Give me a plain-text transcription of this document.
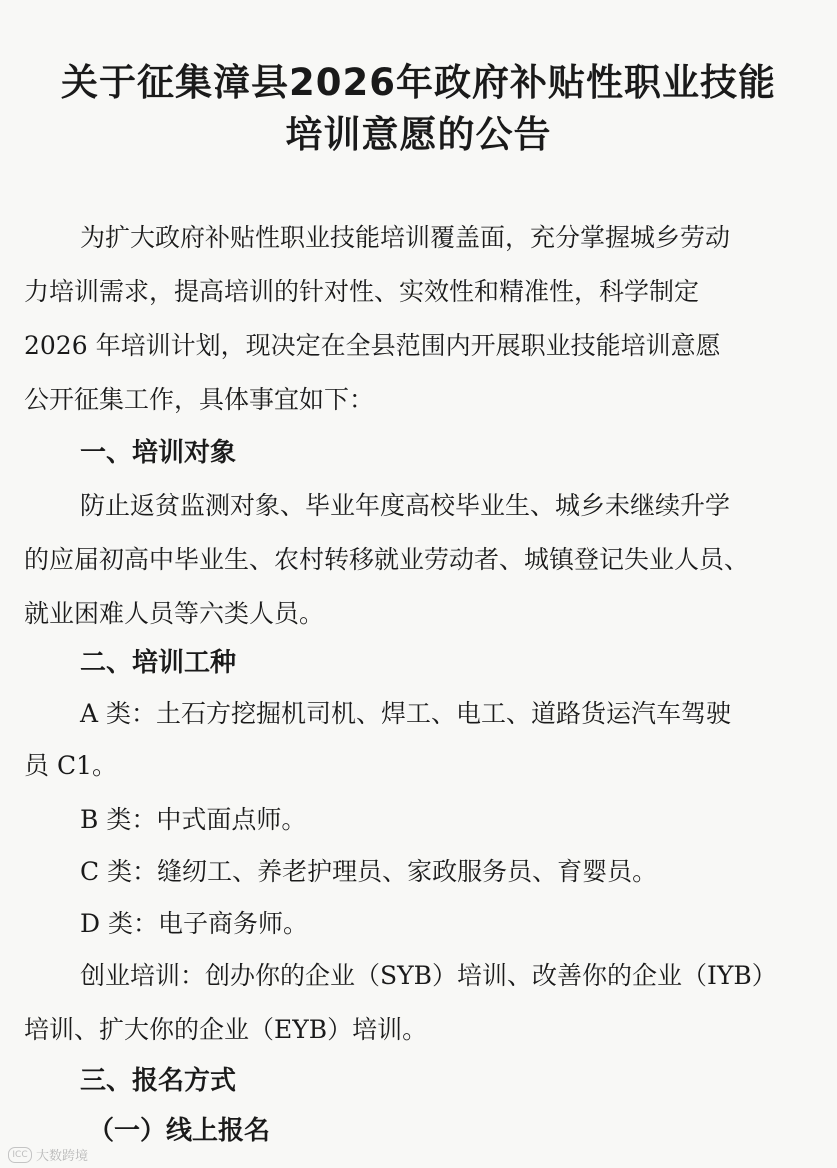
关于征集漳县2026年政府补贴性职业技能
培训意愿的公告
为扩大政府补贴性职业技能培训覆盖面，充分掌握城乡劳动
力培训需求，提高培训的针对性、实效性和精准性，科学制定
2026 年培训计划，现决定在全县范围内开展职业技能培训意愿
公开征集工作，具体事宜如下：
一、培训对象
防止返贫监测对象、毕业年度高校毕业生、城乡未继续升学
的应届初高中毕业生、农村转移就业劳动者、城镇登记失业人员、
就业困难人员等六类人员。
二、培训工种
A 类：土石方挖掘机司机、焊工、电工、道路货运汽车驾驶
员 C1。
B 类：中式面点师。
C 类：缝纫工、养老护理员、家政服务员、育婴员。
D 类：电子商务师。
创业培训：创办你的企业（SYB）培训、改善你的企业（IYB）
培训、扩大你的企业（EYB）培训。
三、报名方式
（一）线上报名
ICC 大数跨境
